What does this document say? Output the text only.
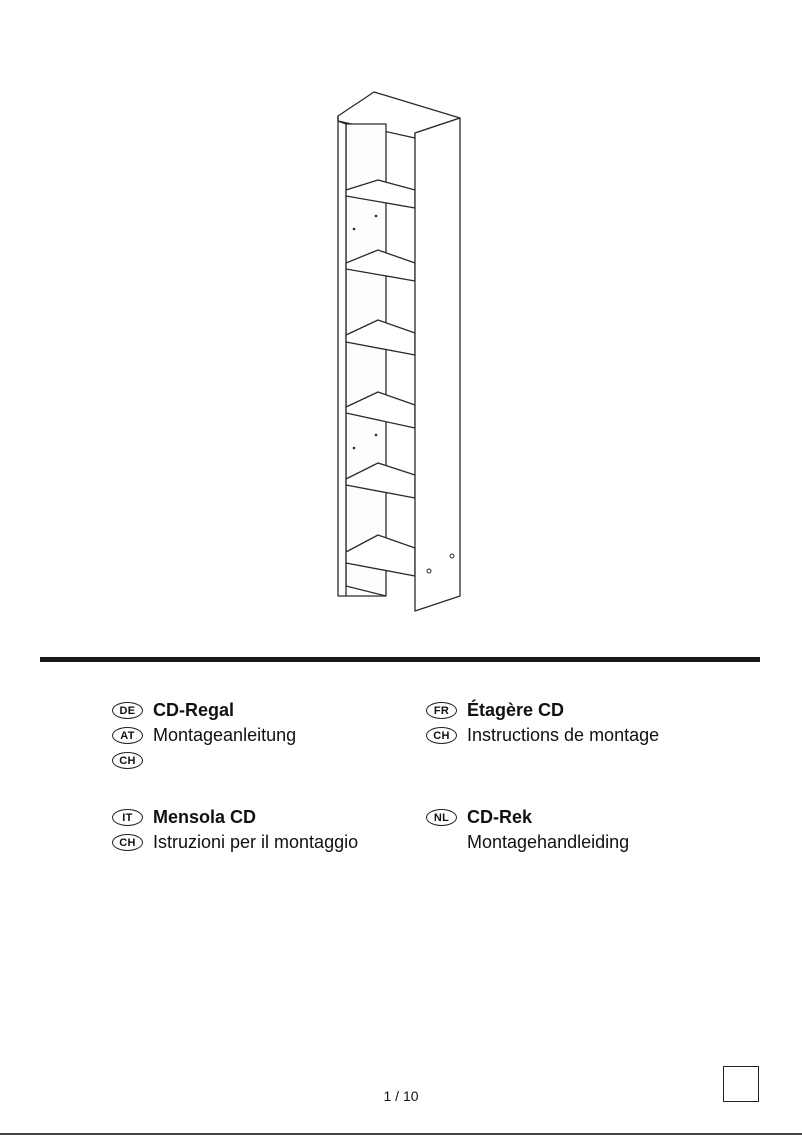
DE CD-Regal
AT	Montageanleitung
CH
FR Étagère CD
CH Instructions de montage
IT	Mensola CD
CH Istruzioni per il montaggio
NL CD-Rek
Montagehandleiding
1 / 10
